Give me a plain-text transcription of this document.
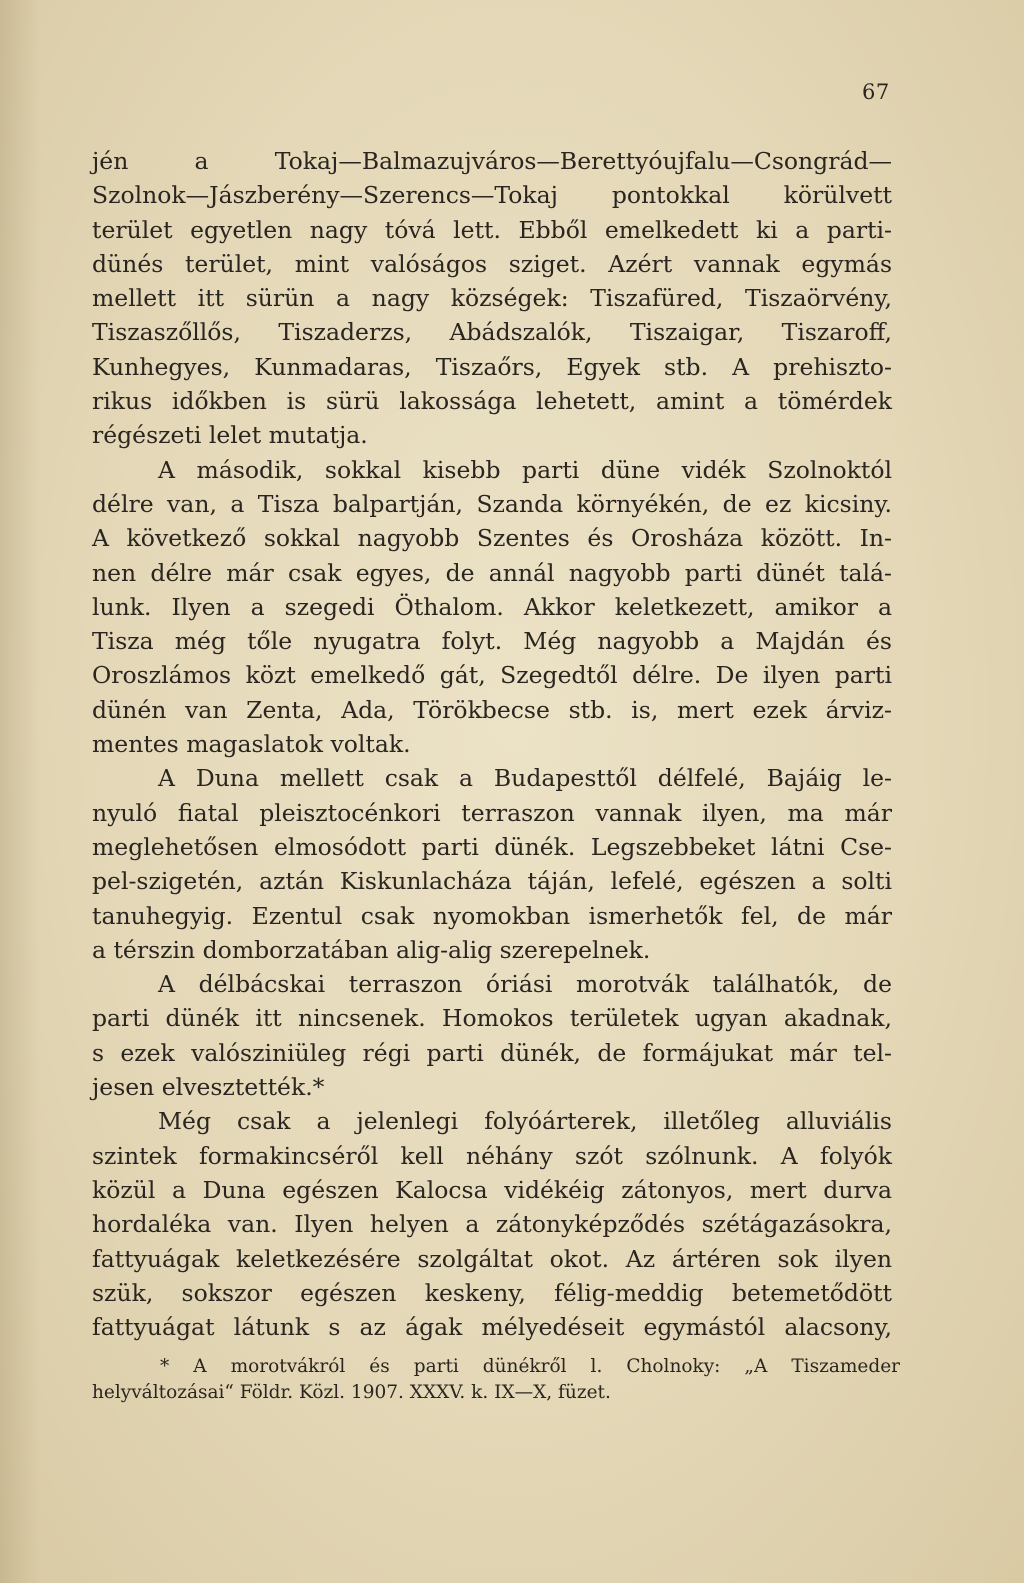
67
jén a Tokaj—Balmazujváros—Berettyóujfalu—Csongrád—
Szolnok—Jászberény—Szerencs—Tokaj pontokkal körülvett
terület egyetlen nagy tóvá lett. Ebből emelkedett ki a parti-
dünés terület, mint valóságos sziget. Azért vannak egymás
mellett itt sürün a nagy községek: Tiszafüred, Tiszaörvény,
Tiszaszőllős, Tiszaderzs, Abádszalók, Tiszaigar, Tiszaroff,
Kunhegyes, Kunmadaras, Tiszaőrs, Egyek stb. A prehiszto-
rikus időkben is sürü lakossága lehetett, amint a tömérdek
régészeti lelet mutatja.
A második, sokkal kisebb parti düne vidék Szolnoktól
délre van, a Tisza balpartján, Szanda környékén, de ez kicsiny.
A következő sokkal nagyobb Szentes és Orosháza között. In-
nen délre már csak egyes, de annál nagyobb parti dünét talá-
lunk. Ilyen a szegedi Öthalom. Akkor keletkezett, amikor a
Tisza még tőle nyugatra folyt. Még nagyobb a Majdán és
Oroszlámos közt emelkedő gát, Szegedtől délre. De ilyen parti
dünén van Zenta, Ada, Törökbecse stb. is, mert ezek árviz-
mentes magaslatok voltak.
A Duna mellett csak a Budapesttől délfelé, Bajáig le-
nyuló fiatal pleisztocénkori terraszon vannak ilyen, ma már
meglehetősen elmosódott parti dünék. Legszebbeket látni Cse-
pel-szigetén, aztán Kiskunlacháza táján, lefelé, egészen a solti
tanuhegyig. Ezentul csak nyomokban ismerhetők fel, de már
a térszin domborzatában alig-alig szerepelnek.
A délbácskai terraszon óriási morotvák találhatók, de
parti dünék itt nincsenek. Homokos területek ugyan akadnak,
s ezek valósziniüleg régi parti dünék, de formájukat már tel-
jesen elvesztették.*
Még csak a jelenlegi folyóárterek, illetőleg alluviális
szintek formakincséről kell néhány szót szólnunk. A folyók
közül a Duna egészen Kalocsa vidékéig zátonyos, mert durva
hordaléka van. Ilyen helyen a zátonyképződés szétágazásokra,
fattyuágak keletkezésére szolgáltat okot. Az ártéren sok ilyen
szük, sokszor egészen keskeny, félig-meddig betemetődött
fattyuágat látunk s az ágak mélyedéseit egymástól alacsony,
* A morotvákról és parti dünékről l. Cholnoky: „A Tiszameder
helyváltozásai“ Földr. Közl. 1907. XXXV. k. IX—X, füzet.
